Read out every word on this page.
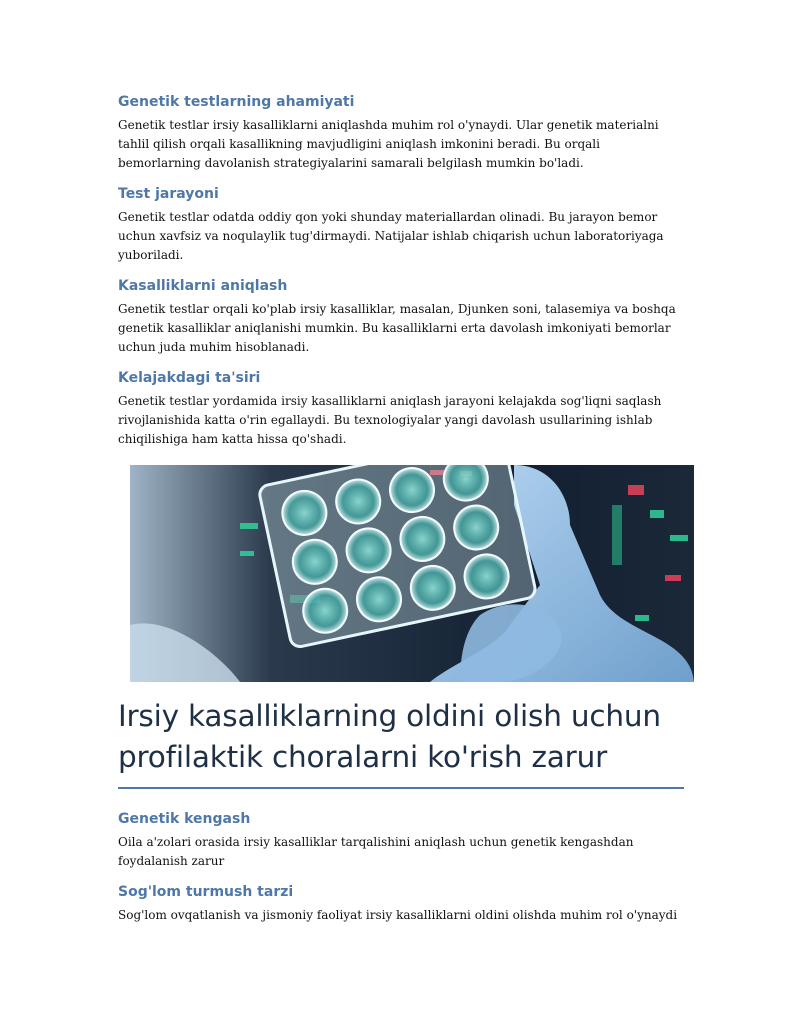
Genetik testlarning ahamiyati

Genetik testlar irsiy kasalliklarni aniqlashda muhim rol o'ynaydi. Ular genetik materialni tahlil qilish orqali kasallikning mavjudligini aniqlash imkonini beradi. Bu orqali bemorlarning davolanish strategiyalarini samarali belgilash mumkin bo'ladi.

Test jarayoni

Genetik testlar odatda oddiy qon yoki shunday materiallardan olinadi. Bu jarayon bemor uchun xavfsiz va noqulaylik tug'dirmaydi. Natijalar ishlab chiqarish uchun laboratoriyaga yuboriladi.

Kasalliklarni aniqlash

Genetik testlar orqali ko'plab irsiy kasalliklar, masalan, Djunken soni, talasemiya va boshqa genetik kasalliklar aniqlanishi mumkin. Bu kasalliklarni erta davolash imkoniyati bemorlar uchun juda muhim hisoblanadi.

Kelajakdagi ta'siri

Genetik testlar yordamida irsiy kasalliklarni aniqlash jarayoni kelajakda sog'liqni saqlash rivojlanishida katta o'rin egallaydi. Bu texnologiyalar yangi davolash usullarining ishlab chiqilishiga ham katta hissa qo'shadi.

Irsiy kasalliklarning oldini olish uchun profilaktik choralarni ko'rish zarur
Genetik kengash

Oila a'zolari orasida irsiy kasalliklar tarqalishini aniqlash uchun genetik kengashdan foydalanish zarur

Sog'lom turmush tarzi

Sog'lom ovqatlanish va jismoniy faoliyat irsiy kasalliklarni oldini olishda muhim rol o'ynaydi
